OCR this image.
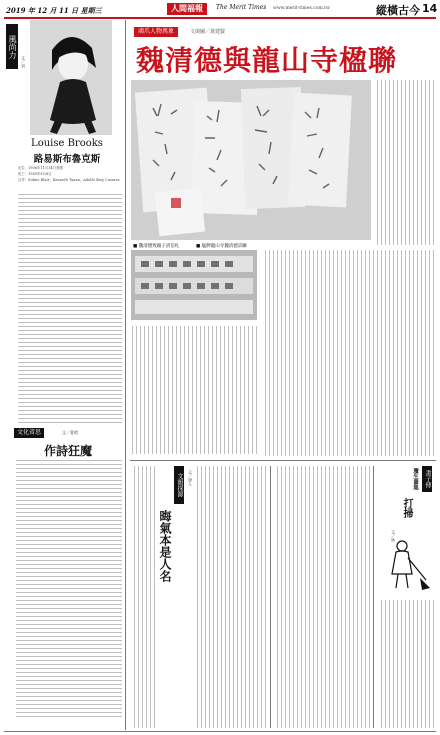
2019 年 12 月 11 日 星期三	人間福報	The Merit Times www.merit-times.com.tw	縱橫古今 14
風尚力
文／刘
Louise Brooks
路易斯布魯克斯
出生：1906年11月14日美國
死亡：1985年8月8日
合作：Sidnie Blair、Kenneth Tynan、Adolfo Bioy Casares
文化省思	文／曹晴
作詩狂魔
鴻爪人物萬象	文與圖／黃建賢
魏清德與龍山寺楹聯
■ 魏清德致賴子清信札	■ 艋舺龍山寺魏清德詩聯
文韻探源 文／唐人
晦氣本是人名
畫子傳
瓊生畫集
打掃
文／林
